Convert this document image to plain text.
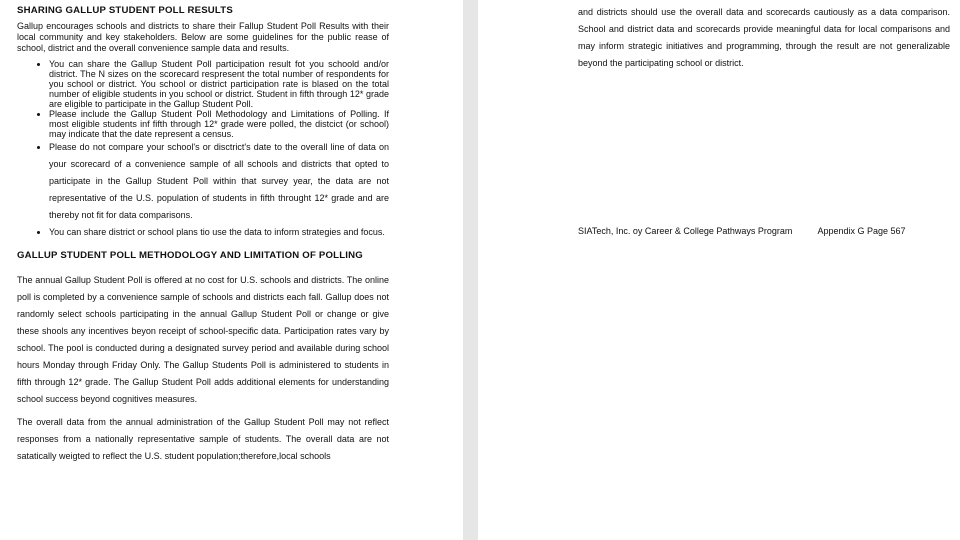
SHARING GALLUP STUDENT POLL RESULTS

Gallup encourages schools and districts to share their Fallup Student Poll Results with their local community and key stakeholders. Below are some guidelines for the public rease of school, district and the overall convenience sample data and results.

• You can share the Gallup Student Poll participation result fot you schoold and/or district. The N sizes on the scorecard respresent the total number of respondents for you school or district. You school or district participation rate is blased on the total number of eligible students in you school or district. Student in fifth through 12* grade are eligible to participate in the Gallup Student Poll.
• Please include the Gallup Student Poll Methodology and Limitations of Polling. If most eligible students inf fifth through 12* grade were polled, the distcict (or school) may indicate that the date represent a census.
• Please do not compare your school's or disctrict's date to the overall line of data on your scorecard of a convenience sample of all schools and districts that opted to participate in the Gallup Student Poll within that survey year, the data are not representative of the U.S. population of students in fifth throught 12* grade and are thereby not fit for data comparisons.
• You can share district or school plans tio use the data to inform strategies and focus.
GALLUP STUDENT POLL METHODOLOGY AND LIMITATION OF POLLING

The annual Gallup Student Poll is offered at no cost for U.S. schools and districts. The online poll is completed by a convenience sample of schools and districts each fall. Gallup does not randomly select schools participating in the annual Gallup Student Poll or change or give these shools any incentives beyon receipt of school-specific data. Participation rates vary by school. The pool is conducted during a designated survey period and available during school hours Monday through Friday Only. The Gallup Students Poll is administered to students in fifth through 12* grade. The Gallup Student Poll adds additional elements for understanding school success beyond cognitives measures.

The overall data from the annual administration of the Gallup Student Poll may not reflect responses from a nationally representative sample of students. The overall data are not satatically weigted to reflect the U.S. student population;therefore,local schools

and districts should use the overall data and scorecards cautiously as a data comparison. School and district data and scorecards provide meaningful data for local comparisons and may inform strategic initiatives and programming, through the result are not generalizable beyond the participating school or district.

SIATech, Inc. oy Career & College Pathways Program	Appendix G Page 567
